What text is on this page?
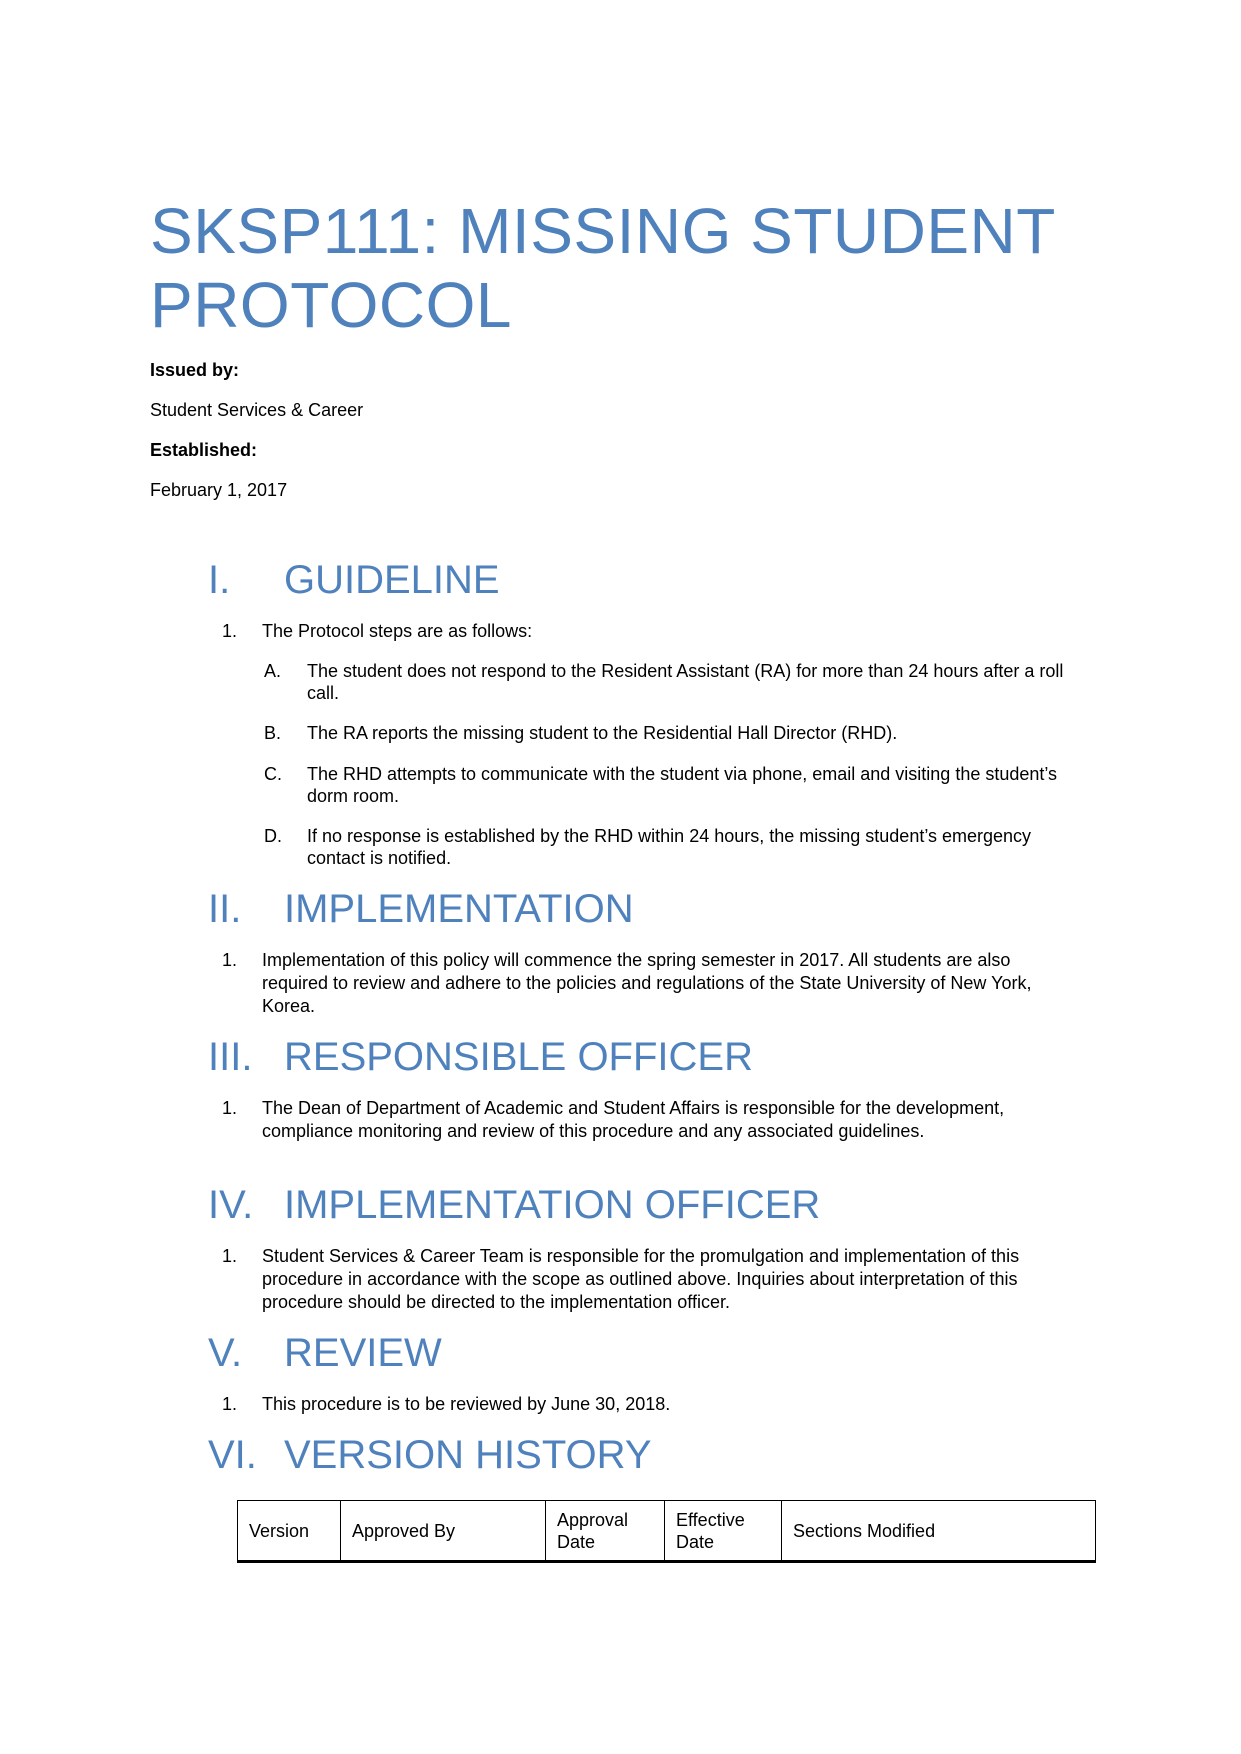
SKSP111: MISSING STUDENT PROTOCOL

Issued by:

Student Services & Career

Established:

February 1, 2017

I. GUIDELINE
1. The Protocol steps are as follows:
A. The student does not respond to the Resident Assistant (RA) for more than 24 hours after a roll call.
B. The RA reports the missing student to the Residential Hall Director (RHD).
C. The RHD attempts to communicate with the student via phone, email and visiting the student’s dorm room.
D. If no response is established by the RHD within 24 hours, the missing student’s emergency contact is notified.
II. IMPLEMENTATION
1. Implementation of this policy will commence the spring semester in 2017. All students are also required to review and adhere to the policies and regulations of the State University of New York, Korea.
III. RESPONSIBLE OFFICER
1. The Dean of Department of Academic and Student Affairs is responsible for the development, compliance monitoring and review of this procedure and any associated guidelines.
IV. IMPLEMENTATION OFFICER
1. Student Services & Career Team is responsible for the promulgation and implementation of this procedure in accordance with the scope as outlined above. Inquiries about interpretation of this procedure should be directed to the implementation officer.
V. REVIEW
1. This procedure is to be reviewed by June 30, 2018.
VI. VERSION HISTORY
Version	Approved By	Approval Date	Effective Date	Sections Modified
